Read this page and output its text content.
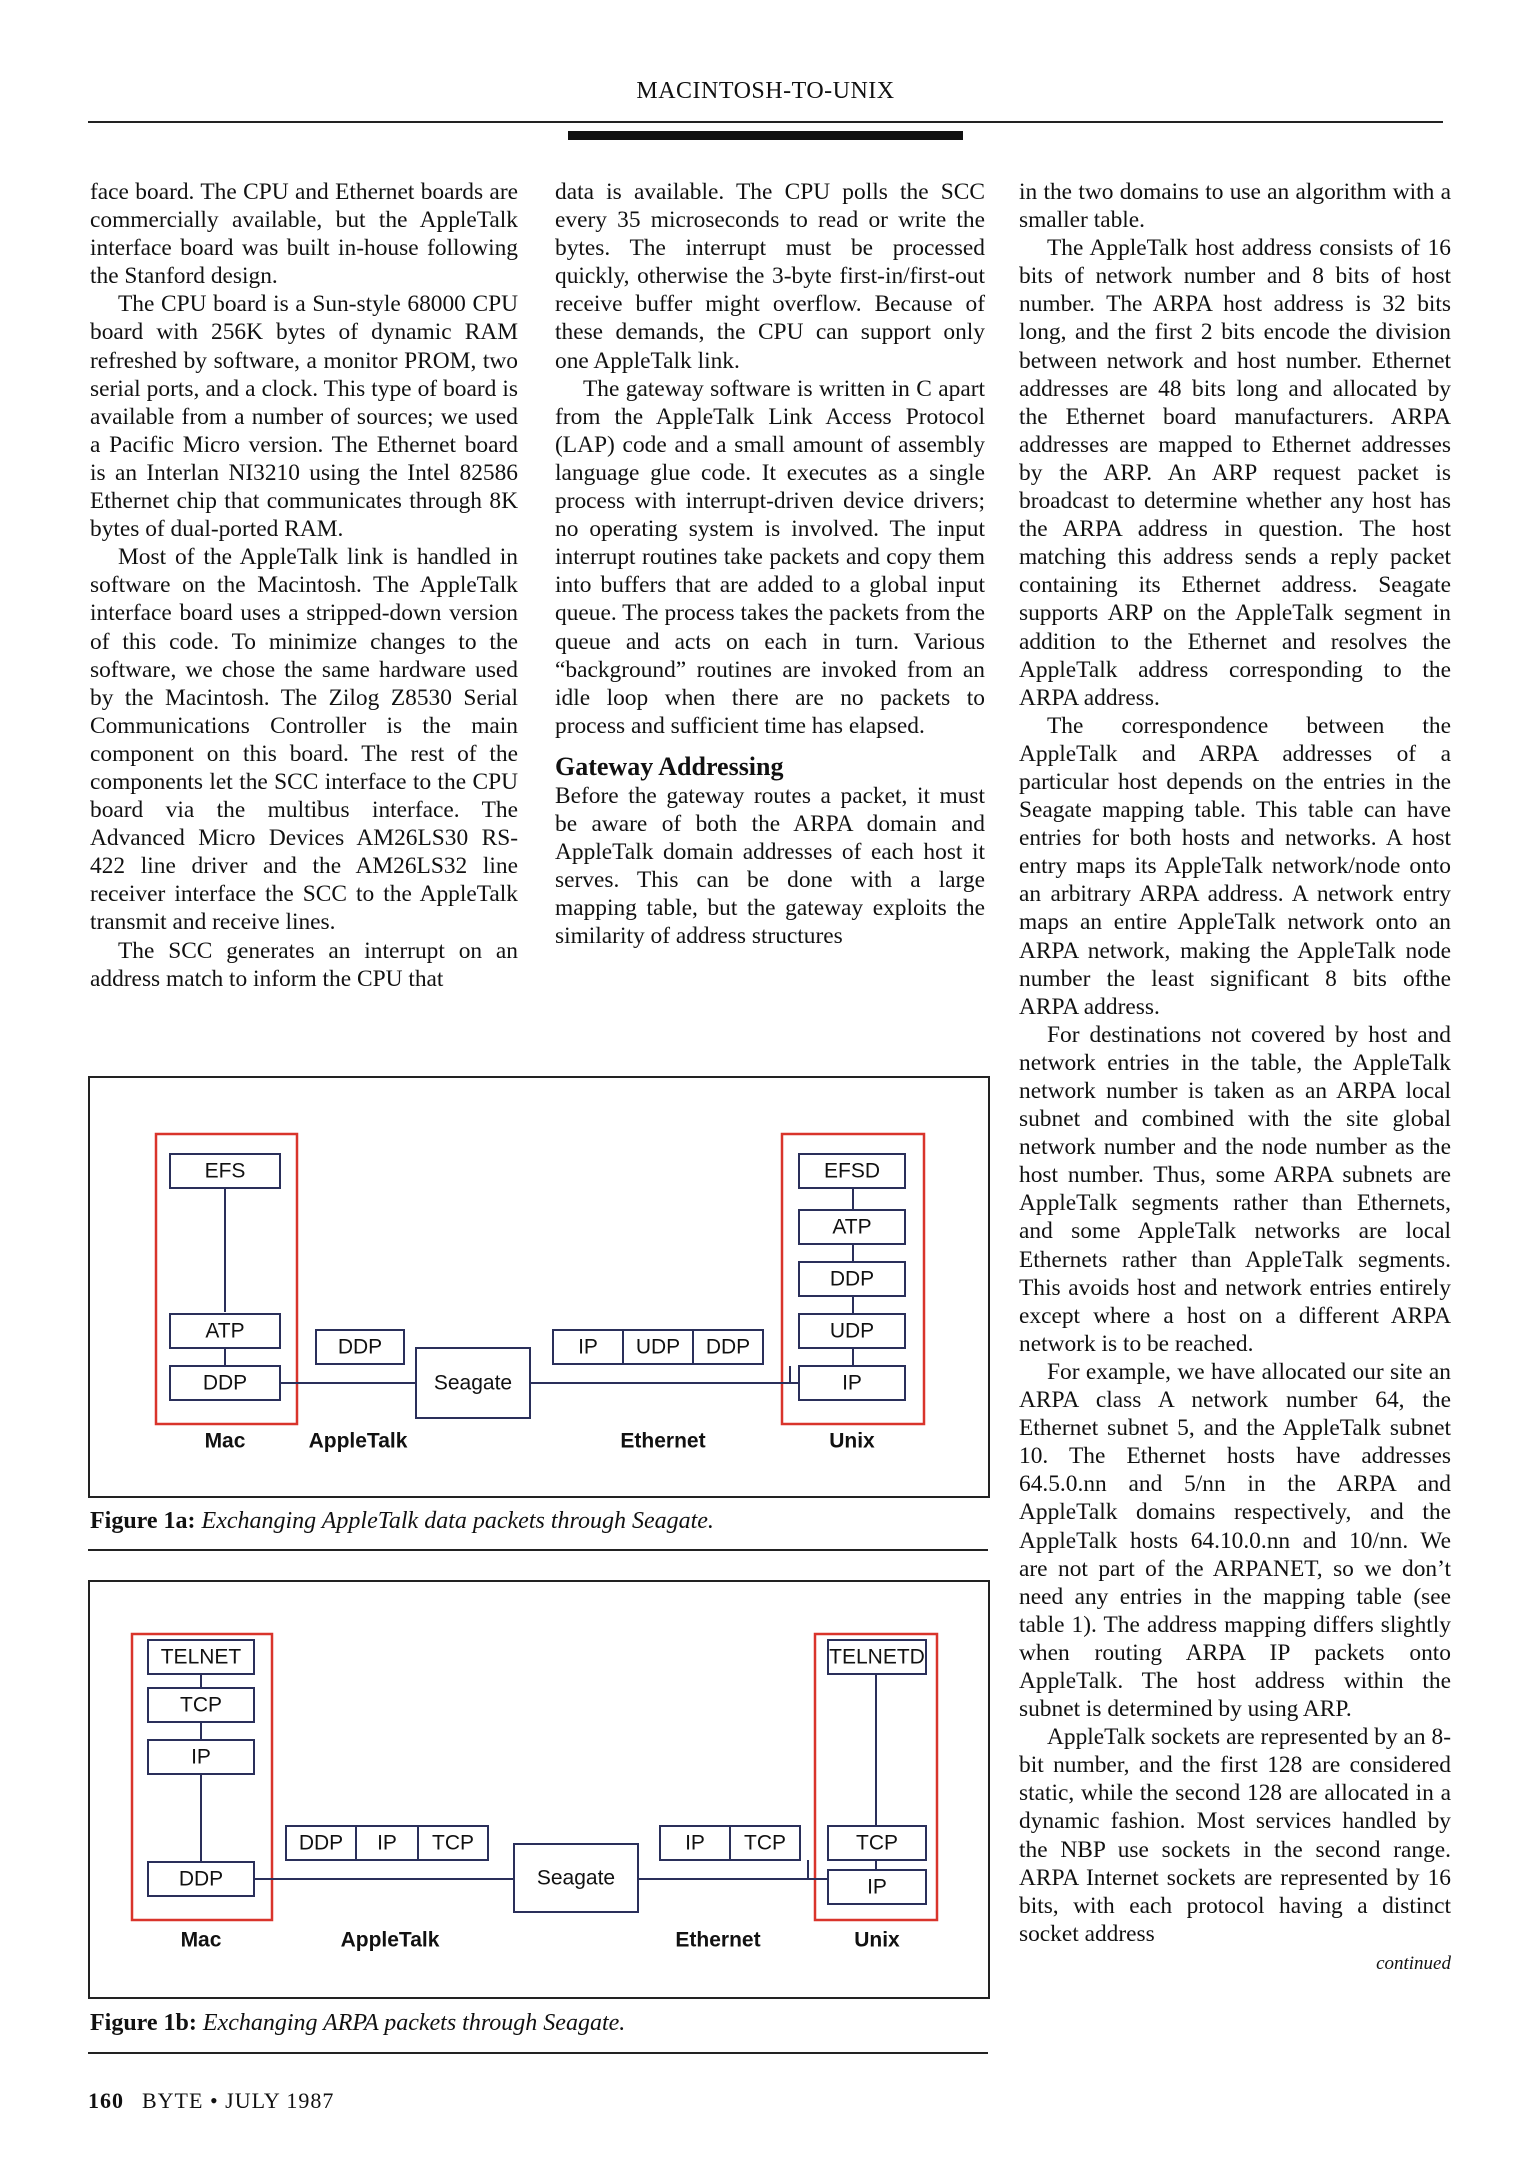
MACINTOSH-TO-UNIX

face board. The CPU and Ethernet boards are commercially available, but the AppleTalk interface board was built in-house following the Stanford design.

The CPU board is a Sun-style 68000 CPU board with 256K bytes of dynamic RAM refreshed by software, a monitor PROM, two serial ports, and a clock. This type of board is available from a number of sources; we used a Pacific Micro version. The Ethernet board is an Interlan NI3210 using the Intel 82586 Ethernet chip that communicates through 8K bytes of dual-ported RAM.

Most of the AppleTalk link is handled in software on the Macintosh. The AppleTalk interface board uses a stripped-down version of this code. To minimize changes to the software, we chose the same hardware used by the Macintosh. The Zilog Z8530 Serial Communications Controller is the main component on this board. The rest of the components let the SCC interface to the CPU board via the multibus interface. The Advanced Micro Devices AM26LS30 RS-422 line driver and the AM26LS32 line receiver interface the SCC to the AppleTalk transmit and receive lines.

The SCC generates an interrupt on an address match to inform the CPU that

data is available. The CPU polls the SCC every 35 microseconds to read or write the bytes. The interrupt must be processed quickly, otherwise the 3-byte first-in/first-out receive buffer might overflow. Because of these demands, the CPU can support only one AppleTalk link.

The gateway software is written in C apart from the AppleTalk Link Access Protocol (LAP) code and a small amount of assembly language glue code. It executes as a single process with interrupt-driven device drivers; no operating system is involved. The input interrupt routines take packets and copy them into buffers that are added to a global input queue. The process takes the packets from the queue and acts on each in turn. Various “background” routines are invoked from an idle loop when there are no packets to process and sufficient time has elapsed.

Gateway Addressing

Before the gateway routes a packet, it must be aware of both the ARPA domain and AppleTalk domain addresses of each host it serves. This can be done with a large mapping table, but the gateway exploits the similarity of address structures

in the two domains to use an algorithm with a smaller table.

The AppleTalk host address consists of 16 bits of network number and 8 bits of host number. The ARPA host address is 32 bits long, and the first 2 bits encode the division between network and host number. Ethernet addresses are 48 bits long and allocated by the Ethernet board manufacturers. ARPA addresses are mapped to Ethernet addresses by the ARP. An ARP request packet is broadcast to determine whether any host has the ARPA address in question. The host matching this address sends a reply packet containing its Ethernet address. Seagate supports ARP on the AppleTalk segment in addition to the Ethernet and resolves the AppleTalk address corresponding to the ARPA address.

The correspondence between the AppleTalk and ARPA addresses of a particular host depends on the entries in the Seagate mapping table. This table can have entries for both hosts and networks. A host entry maps its AppleTalk network/node onto an arbitrary ARPA address. A network entry maps an entire AppleTalk network onto an ARPA network, making the AppleTalk node number the least significant 8 bits ofthe ARPA address.

For destinations not covered by host and network entries in the table, the AppleTalk network number is taken as an ARPA local subnet and combined with the site global network number and the node number as the host number. Thus, some ARPA subnets are AppleTalk segments rather than Ethernets, and some AppleTalk networks are local Ethernets rather than AppleTalk segments. This avoids host and network entries entirely except where a host on a different ARPA network is to be reached.

For example, we have allocated our site an ARPA class A network number 64, the Ethernet subnet 5, and the AppleTalk subnet 10. The Ethernet hosts have addresses 64.5.0.nn and 5/nn in the ARPA and AppleTalk domains respectively, and the AppleTalk hosts 64.10.0.nn and 10/nn. We are not part of the ARPANET, so we don’t need any entries in the mapping table (see table 1). The address mapping differs slightly when routing ARPA IP packets onto AppleTalk. The host address within the subnet is determined by using ARP.

AppleTalk sockets are represented by an 8-bit number, and the first 128 are considered static, while the second 128 are allocated in a dynamic fashion. Most services handled by the NBP use sockets in the second range. ARPA Internet sockets are represented by 16 bits, with each protocol having a distinct socket address

continued
EFS
ATP
DDP
EFSD
ATP
DDP
UDP
IP
DDP	IP UDP DDP
Seagate
Mac	AppleTalk	Ethernet	Unix
Figure 1a: Exchanging AppleTalk data packets through Seagate.
TELNET
TCP
IP
DDP
TELNETD
TCP
IP
DDP IP TCP	IP TCP
Seagate
Mac	AppleTalk	Ethernet	Unix
Figure 1b: Exchanging ARPA packets through Seagate.
160 BYTE • JULY 1987
